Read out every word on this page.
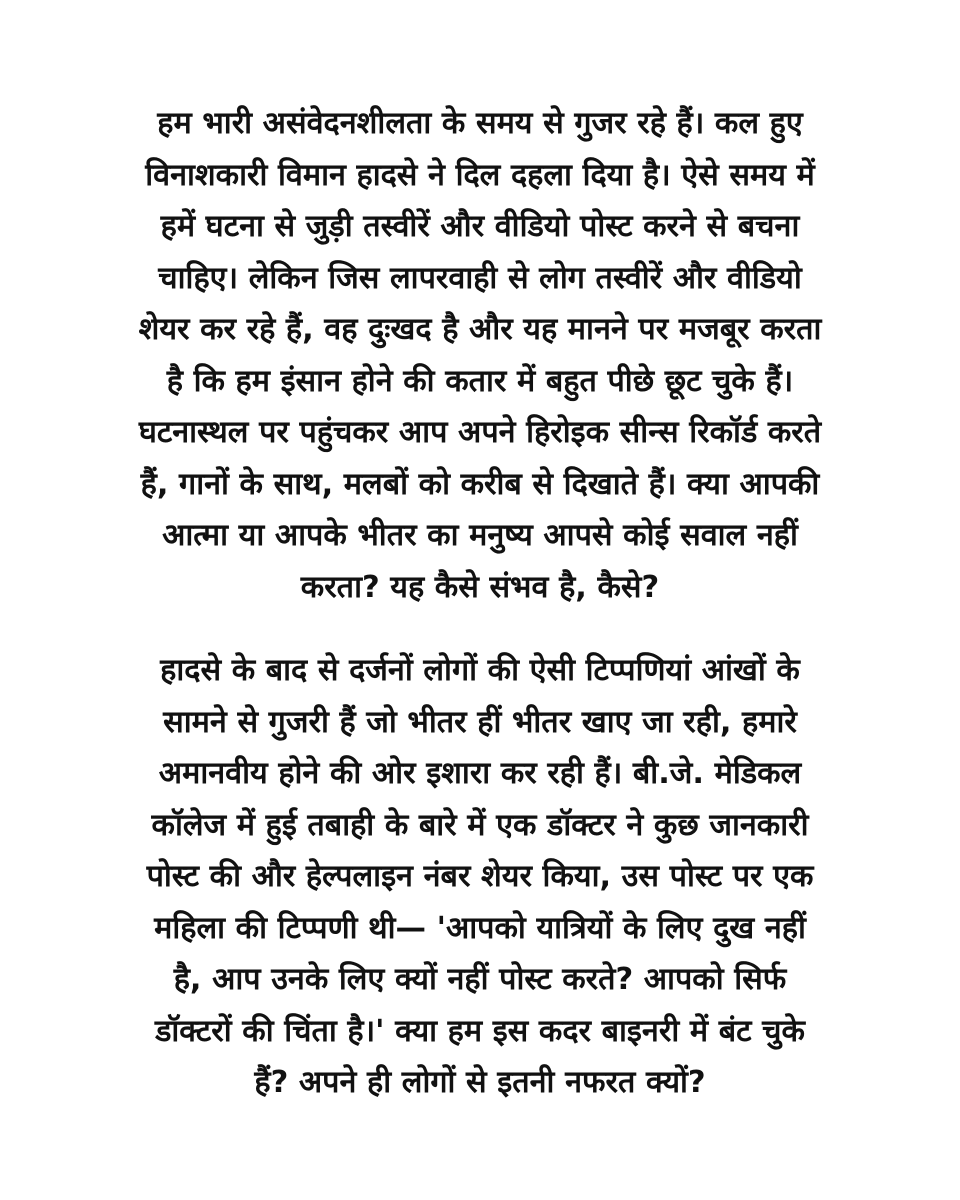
हम भारी असंवेदनशीलता के समय से गुजर रहे हैं। कल हुए
विनाशकारी विमान हादसे ने दिल दहला दिया है। ऐसे समय में
हमें घटना से जुड़ी तस्वीरें और वीडियो पोस्ट करने से बचना
चाहिए। लेकिन जिस लापरवाही से लोग तस्वीरें और वीडियो
शेयर कर रहे हैं, वह दुःखद है और यह मानने पर मजबूर करता
है कि हम इंसान होने की कतार में बहुत पीछे छूट चुके हैं।
घटनास्थल पर पहुंचकर आप अपने हिरोइक सीन्स रिकॉर्ड करते
हैं, गानों के साथ, मलबों को करीब से दिखाते हैं। क्या आपकी
आत्मा या आपके भीतर का मनुष्य आपसे कोई सवाल नहीं
करता? यह कैसे संभव है, कैसे?

हादसे के बाद से दर्जनों लोगों की ऐसी टिप्पणियां आंखों के
सामने से गुजरी हैं जो भीतर हीं भीतर खाए जा रही, हमारे
अमानवीय होने की ओर इशारा कर रही हैं। बी.जे. मेडिकल
कॉलेज में हुई तबाही के बारे में एक डॉक्टर ने कुछ जानकारी
पोस्ट की और हेल्पलाइन नंबर शेयर किया, उस पोस्ट पर एक
महिला की टिप्पणी थी— 'आपको यात्रियों के लिए दुख नहीं
है, आप उनके लिए क्यों नहीं पोस्ट करते? आपको सिर्फ
डॉक्टरों की चिंता है।' क्या हम इस कदर बाइनरी में बंट चुके
हैं? अपने ही लोगों से इतनी नफरत क्यों?
